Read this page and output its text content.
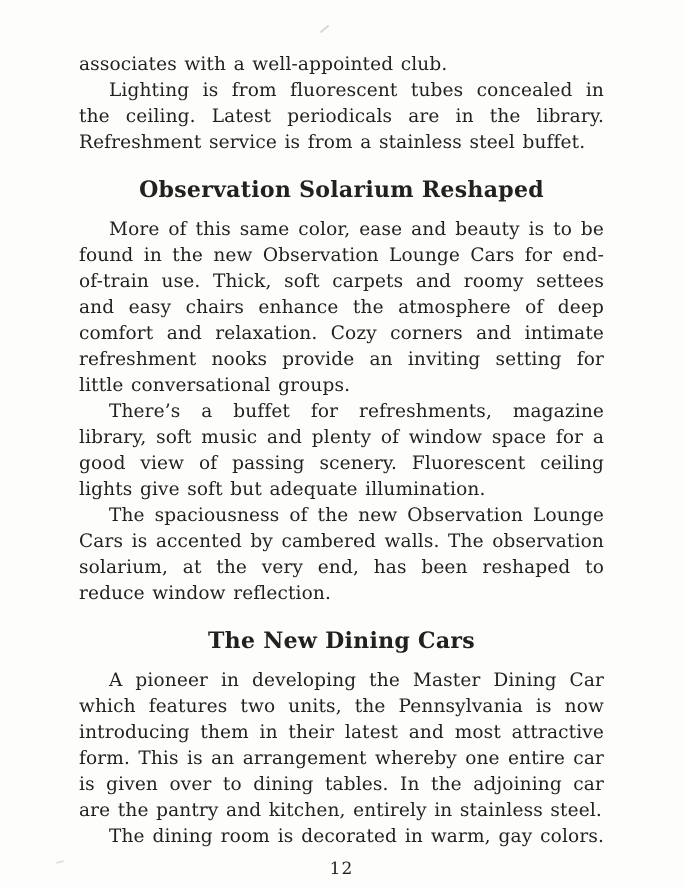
associates with a well-appointed club.

Lighting is from fluorescent tubes concealed in the ceiling. Latest periodicals are in the library. Refreshment service is from a stainless steel buffet.

Observation Solarium Reshaped

More of this same color, ease and beauty is to be found in the new Observation Lounge Cars for end-of-train use. Thick, soft carpets and roomy settees and easy chairs enhance the atmosphere of deep comfort and relaxation. Cozy corners and intimate refreshment nooks provide an inviting setting for little conversational groups.

There’s a buffet for refreshments, magazine library, soft music and plenty of window space for a good view of passing scenery. Fluorescent ceiling lights give soft but adequate illumination.

The spaciousness of the new Observation Lounge Cars is accented by cambered walls. The observation solarium, at the very end, has been reshaped to reduce window reflection.

The New Dining Cars

A pioneer in developing the Master Dining Car which features two units, the Pennsylvania is now introducing them in their latest and most attractive form. This is an arrangement whereby one entire car is given over to dining tables. In the adjoining car are the pantry and kitchen, entirely in stainless steel.

The dining room is decorated in warm, gay colors.

12
